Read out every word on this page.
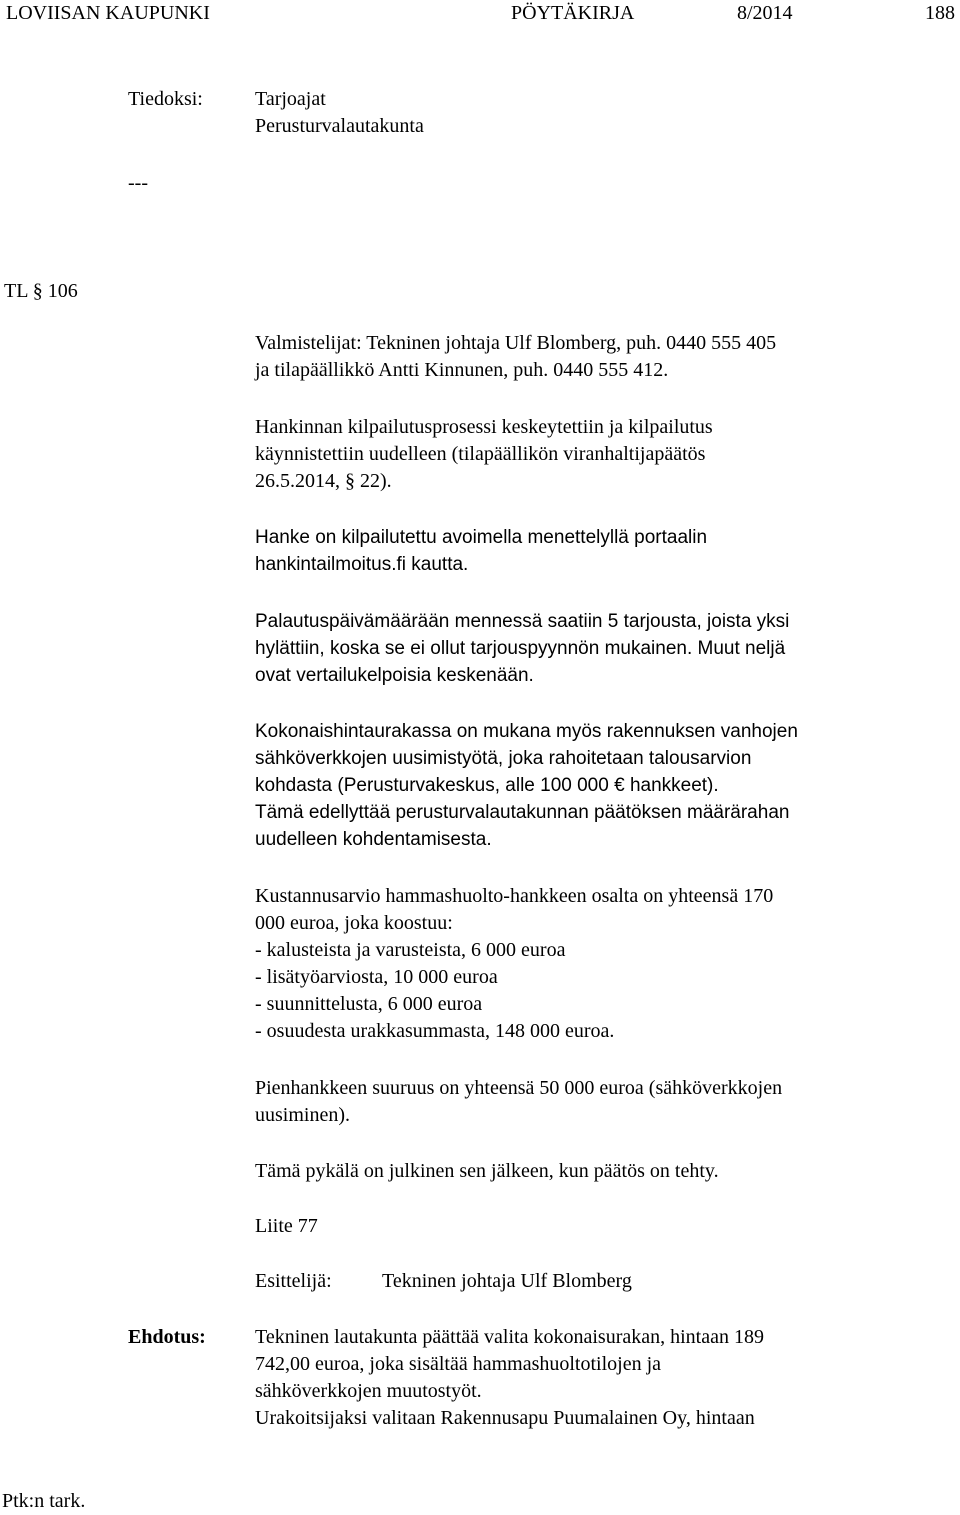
LOVIISAN KAUPUNKI	PÖYTÄKIRJA	8/2014	188
Tiedoksi:	Tarjoajat
Perusturvalautakunta
---
TL § 106
Valmistelijat: Tekninen johtaja Ulf Blomberg, puh. 0440 555 405
ja tilapäällikkö Antti Kinnunen, puh. 0440 555 412.
Hankinnan kilpailutusprosessi keskeytettiin ja kilpailutus
käynnistettiin uudelleen (tilapäällikön viranhaltijapäätös
26.5.2014, § 22).
Hanke on kilpailutettu avoimella menettelyllä portaalin
hankintailmoitus.fi kautta.
Palautuspäivämäärään mennessä saatiin 5 tarjousta, joista yksi
hylättiin, koska se ei ollut tarjouspyynnön mukainen. Muut neljä
ovat vertailukelpoisia keskenään.
Kokonaishintaurakassa on mukana myös rakennuksen vanhojen
sähköverkkojen uusimistyötä, joka rahoitetaan talousarvion
kohdasta (Perusturvakeskus, alle 100 000 € hankkeet).
Tämä edellyttää perusturvalautakunnan päätöksen määrärahan
uudelleen kohdentamisesta.
Kustannusarvio hammashuolto-hankkeen osalta on yhteensä 170
000 euroa, joka koostuu:
- kalusteista ja varusteista, 6 000 euroa
- lisätyöarviosta, 10 000 euroa
- suunnittelusta, 6 000 euroa
- osuudesta urakkasummasta, 148 000 euroa.
Pienhankkeen suuruus on yhteensä 50 000 euroa (sähköverkkojen
uusiminen).
Tämä pykälä on julkinen sen jälkeen, kun päätös on tehty.
Liite 77
Esittelijä:	Tekninen johtaja Ulf Blomberg
Ehdotus: Tekninen lautakunta päättää valita kokonaisurakan, hintaan 189
742,00 euroa, joka sisältää hammashuoltotilojen ja
sähköverkkojen muutostyöt.
Urakoitsijaksi valitaan Rakennusapu Puumalainen Oy, hintaan
Ptk:n tark.
